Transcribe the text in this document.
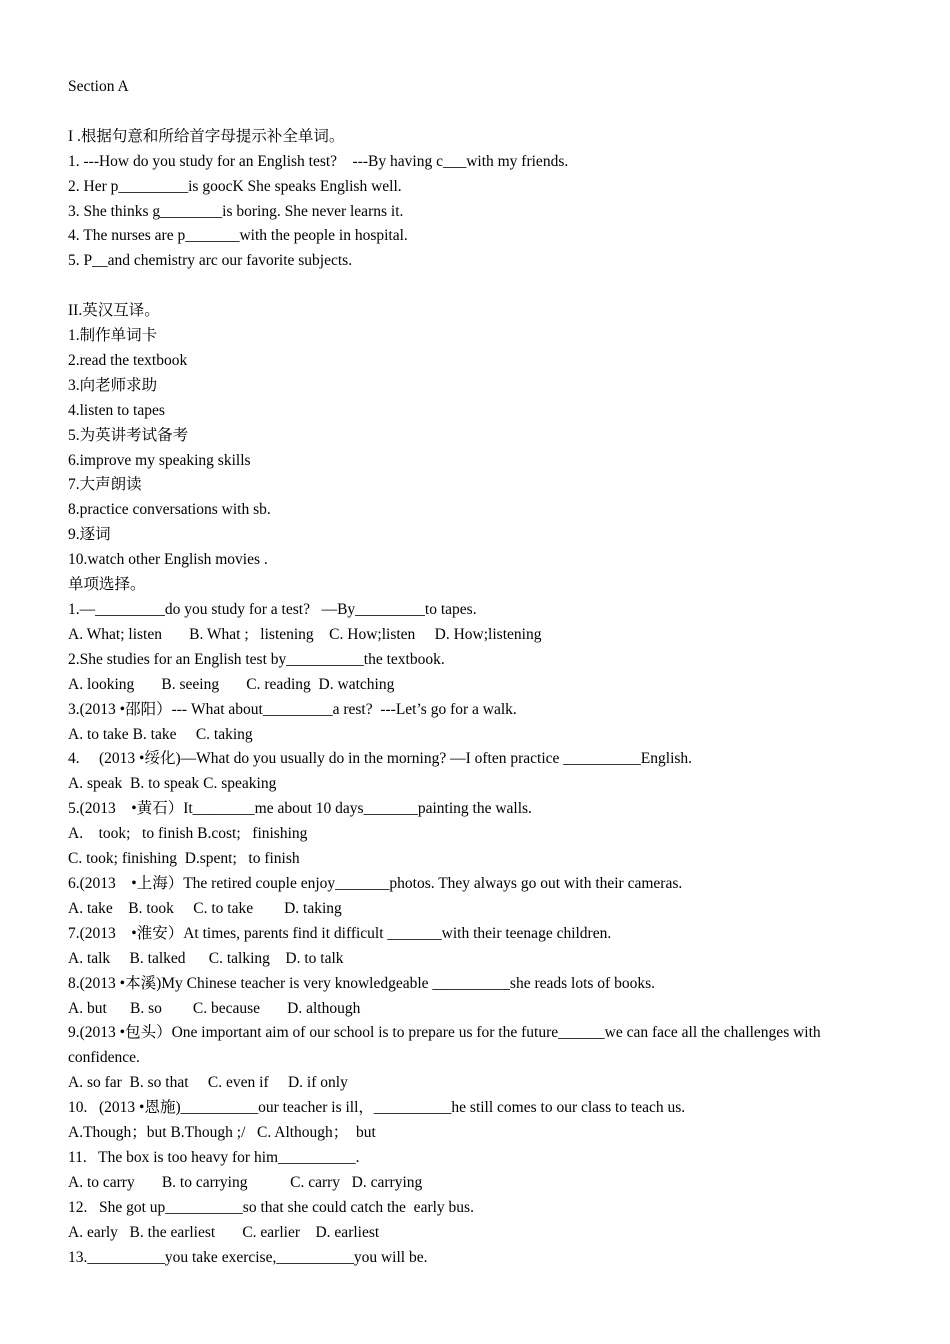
Section A

I .根据句意和所给首字母提示补全单词。

1. ---How do you study for an English test?    ---By having c___with my friends.

2. Her p_________is goocK She speaks English well.

3. She thinks g________is boring. She never learns it.

4. The nurses are p_______with the people in hospital.

5. P__and chemistry arc our favorite subjects.

II.英汉互译。

1.制作单词卡

2.read the textbook

3.向老师求助

4.listen to tapes

5.为英讲考试备考

6.improve my speaking skills

7.大声朗读

8.practice conversations with sb.

9.逐词

10.watch other English movies .

单项选择。

1.—_________do you study for a test?   —By_________to tapes.

A. What; listen       B. What ;   listening    C. How;listen     D. How;listening

2.She studies for an English test by__________the textbook.

A. looking       B. seeing       C. reading  D. watching

3.(2013 •邵阳）--- What about_________a rest?  ---Let’s go for a walk.

A. to take B. take     C. taking

4.     (2013 •绥化)—What do you usually do in the morning? —I often practice __________English.

A. speak  B. to speak C. speaking

5.(2013    •黄石）It________me about 10 days_______painting the walls.

A.    took;   to finish B.cost;   finishing

C. took; finishing  D.spent;   to finish

6.(2013    •上海）The retired couple enjoy_______photos. They always go out with their cameras.

A. take    B. took     C. to take        D. taking

7.(2013    •淮安）At times, parents find it difficult _______with their teenage children.

A. talk     B. talked      C. talking    D. to talk

8.(2013 •本溪)My Chinese teacher is very knowledgeable __________she reads lots of books.

A. but      B. so        C. because       D. although

9.(2013 •包头）One important aim of our school is to prepare us for the future______we can face all the challenges with

confidence.

A. so far  B. so that     C. even if     D. if only

10.   (2013 •恩施)__________our teacher is ill，__________he still comes to our class to teach us.

A.Though；but B.Though ;/   C. Although；  but

11.   The box is too heavy for him__________.

A. to carry       B. to carrying           C. carry   D. carrying

12.   She got up__________so that she could catch the  early bus.

A. early   B. the earliest       C. earlier    D. earliest

13.__________you take exercise,__________you will be.
